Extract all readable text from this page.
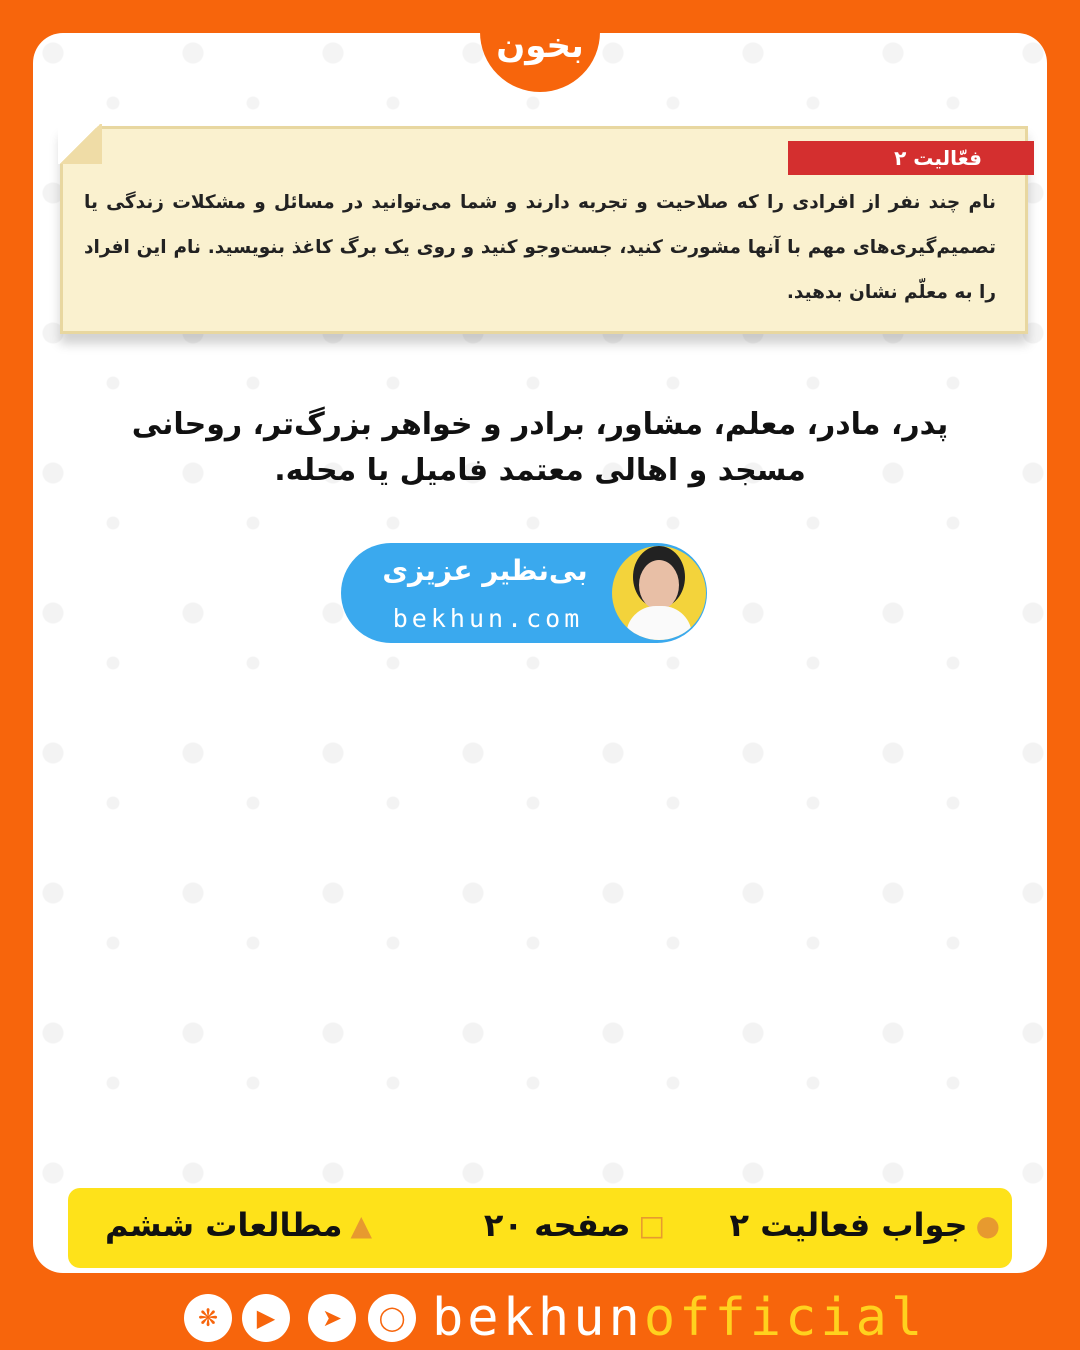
بخون
فعّالیت ۲
نام چند نفر از افرادی را که صلاحیت و تجربه دارند و شما می‌توانید در مسائل و مشکلات زندگی یا تصمیم‌گیری‌های مهم با آنها مشورت کنید، جست‌وجو کنید و روی یک برگ کاغذ بنویسید. نام این افراد را به معلّم نشان بدهید.
پدر، مادر، معلم، مشاور، برادر و خواهر بزرگ‌تر، روحانی
مسجد و اهالی معتمد فامیل یا محله.
بی‌نظیر عزیزی
bekhun.com
●
جواب فعالیت ۲
□
صفحه ۲۰
▲
مطالعات ششم
❋	▶	➤	◯ bekhunofficial
